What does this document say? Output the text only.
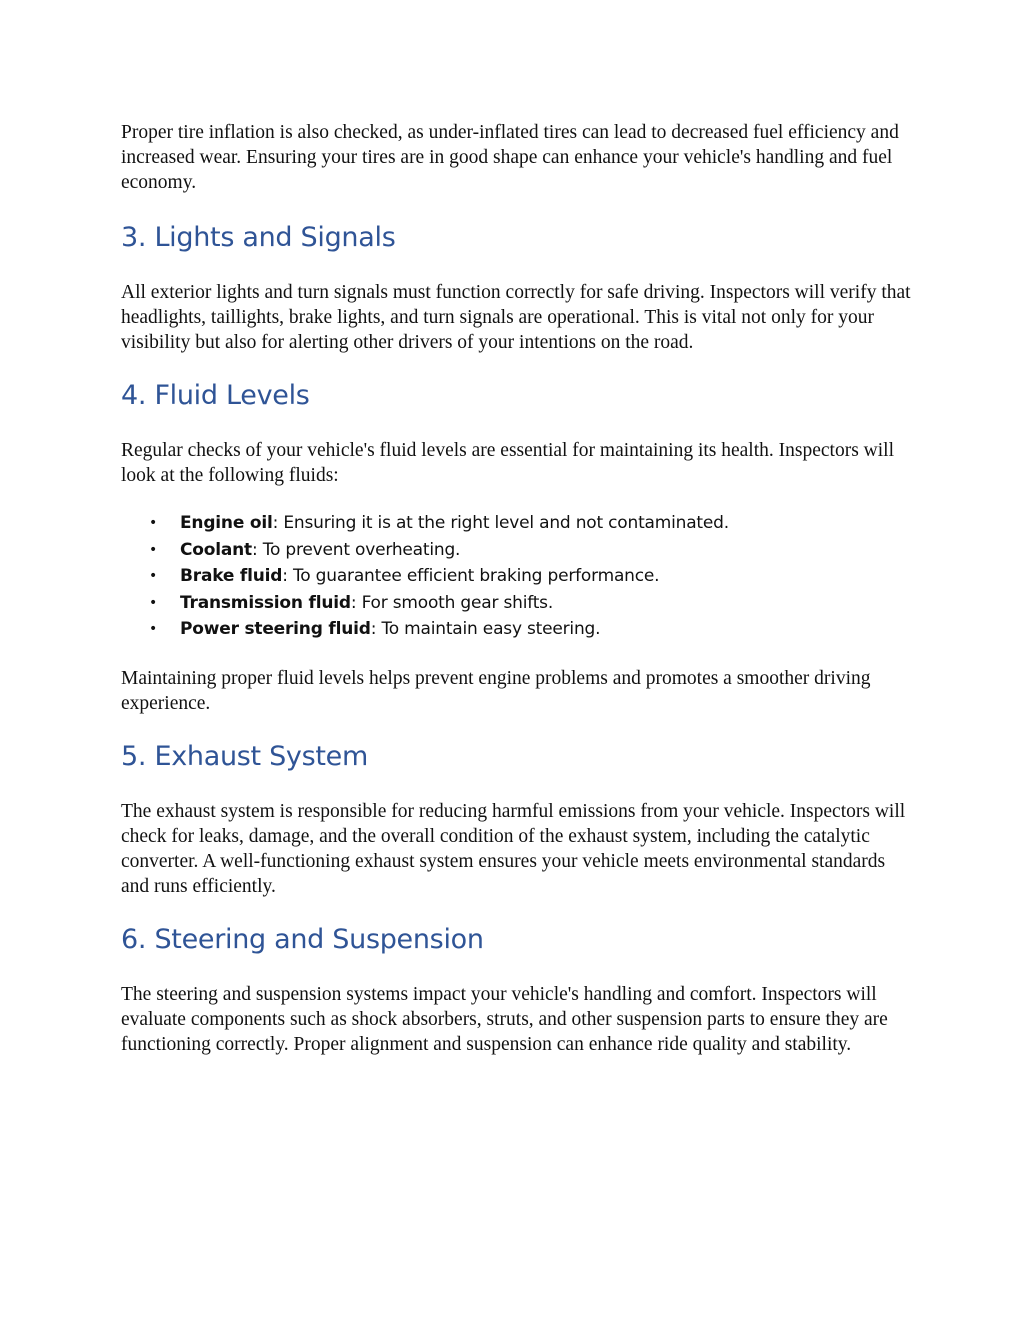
Proper tire inflation is also checked, as under-inflated tires can lead to decreased fuel efficiency and increased wear. Ensuring your tires are in good shape can enhance your vehicle's handling and fuel economy.

3. Lights and Signals

All exterior lights and turn signals must function correctly for safe driving. Inspectors will verify that headlights, taillights, brake lights, and turn signals are operational. This is vital not only for your visibility but also for alerting other drivers of your intentions on the road.

4. Fluid Levels

Regular checks of your vehicle's fluid levels are essential for maintaining its health. Inspectors will look at the following fluids:

• Engine oil: Ensuring it is at the right level and not contaminated.
• Coolant: To prevent overheating.
• Brake fluid: To guarantee efficient braking performance.
• Transmission fluid: For smooth gear shifts.
• Power steering fluid: To maintain easy steering.

Maintaining proper fluid levels helps prevent engine problems and promotes a smoother driving experience.

5. Exhaust System

The exhaust system is responsible for reducing harmful emissions from your vehicle. Inspectors will check for leaks, damage, and the overall condition of the exhaust system, including the catalytic converter. A well-functioning exhaust system ensures your vehicle meets environmental standards and runs efficiently.

6. Steering and Suspension

The steering and suspension systems impact your vehicle's handling and comfort. Inspectors will evaluate components such as shock absorbers, struts, and other suspension parts to ensure they are functioning correctly. Proper alignment and suspension can enhance ride quality and stability.
